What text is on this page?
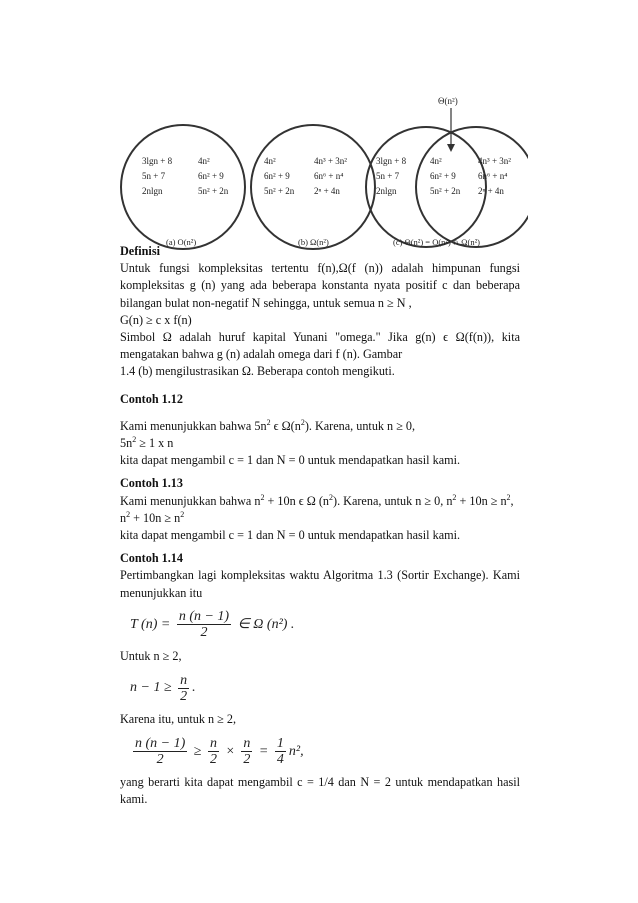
3lgn + 8
5n + 7
2nlgn
4n²
6n² + 9
5n² + 2n
(a) O(n²)
4n²
6n² + 9
5n² + 2n
4n³ + 3n²
6n⁶ + n⁴
2ⁿ + 4n
(b) Ω(n²)
Θ(n²)
3lgn + 8
5n + 7
2nlgn
4n²
6n² + 9
5n² + 2n
4n³ + 3n²
6n⁶ + n⁴
2ⁿ + 4n
(c) Θ(n²) = O(n²) ∩ Ω(n²)

Definisi

Untuk fungsi kompleksitas tertentu f(n),Ω(f (n)) adalah himpunan fungsi

kompleksitas g (n) yang ada beberapa konstanta nyata positif c dan beberapa

bilangan bulat non-negatif N sehingga, untuk semua n ≥ N ,

G(n) ≥ c x f(n)

Simbol Ω adalah huruf kapital Yunani "omega." Jika g(n) ϵ Ω(f(n)), kita

mengatakan bahwa g (n) adalah omega dari f (n). Gambar

1.4 (b) mengilustrasikan Ω. Beberapa contoh mengikuti.

Contoh 1.12

Kami menunjukkan bahwa $5n^2$ ϵ $\Omega(n^2)$. Karena, untuk n ≥ 0,

$5n^2 \ge 1$ x n

kita dapat mengambil c = 1 dan N = 0 untuk mendapatkan hasil kami.

Contoh 1.13

Kami menunjukkan bahwa $n^2 + 10n$ ϵ Ω $(n^2)$. Karena, untuk n ≥ 0, $n^2 + 10n \ge n^2$,

$n^2 + 10n \ge n^2$

kita dapat mengambil c = 1 dan N = 0 untuk mendapatkan hasil kami.

Contoh 1.14

Pertimbangkan lagi kompleksitas waktu Algoritma 1.3 (Sortir Exchange). Kami

menunjukkan itu

T $(n) = \frac{n (n - 1)}{2}$ ∈ Ω (n²) .

Untuk n ≥ 2,

$n - 1 \ge \frac{n}{2}$ .

Karena itu, untuk n ≥ 2,

$\frac{n (n - 1)}{2} \ge \frac{n}{2} \times \frac{n}{2} = \frac{1}{4} n^2$,

yang berarti kita dapat mengambil c = 1/4 dan N = 2 untuk mendapatkan hasil

kami.
